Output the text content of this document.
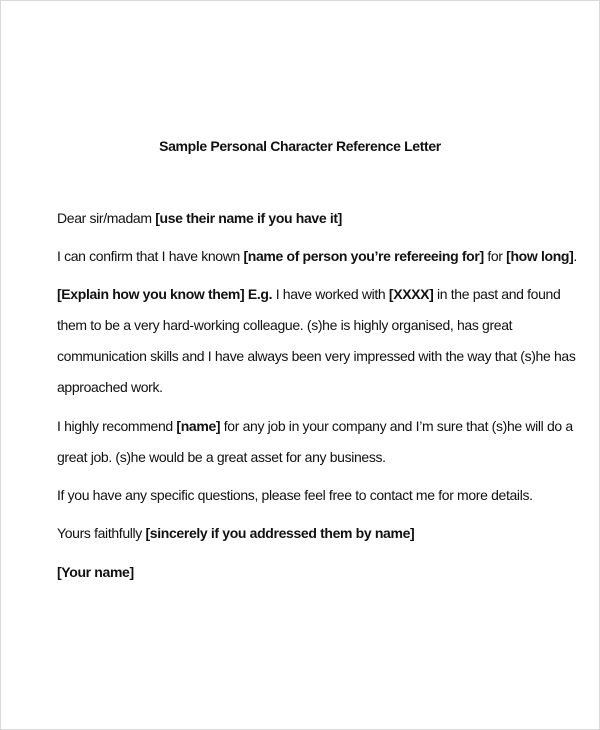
Sample Personal Character Reference Letter
Dear sir/madam [use their name if you have it]
I can confirm that I have known [name of person you’re refereeing for] for [how long].
[Explain how you know them] E.g. I have worked with [XXXX] in the past and found
them to be a very hard-working colleague. (s)he is highly organised, has great
communication skills and I have always been very impressed with the way that (s)he has
approached work.
I highly recommend [name] for any job in your company and I’m sure that (s)he will do a
great job. (s)he would be a great asset for any business.
If you have any specific questions, please feel free to contact me for more details.
Yours faithfully [sincerely if you addressed them by name]
[Your name]
